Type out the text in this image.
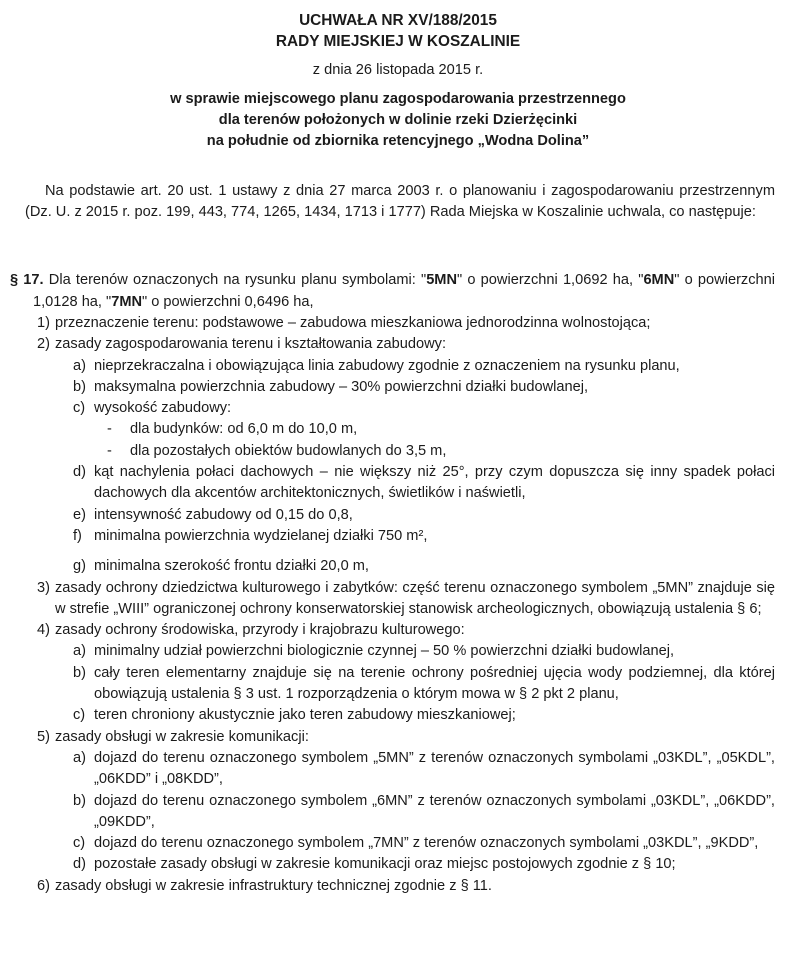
UCHWAŁA NR XV/188/2015
RADY MIEJSKIEJ W KOSZALINIE
z dnia 26 listopada 2015 r.
w sprawie miejscowego planu zagospodarowania przestrzennego
dla terenów położonych w dolinie rzeki Dzierżęcinki
na południe od zbiornika retencyjnego „Wodna Dolina”

Na podstawie art. 20 ust. 1 ustawy z dnia 27 marca 2003 r. o planowaniu i zagospodarowaniu przestrzennym (Dz. U. z 2015 r. poz. 199, 443, 774, 1265, 1434, 1713 i 1777) Rada Miejska w Koszalinie uchwala, co następuje:

§ 17. Dla terenów oznaczonych na rysunku planu symbolami: "5MN" o powierzchni 1,0692 ha, "6MN" o powierzchni 1,0128 ha, "7MN" o powierzchni 0,6496 ha,

1) przeznaczenie terenu: podstawowe – zabudowa mieszkaniowa jednorodzinna wolnostojąca;
2) zasady zagospodarowania terenu i kształtowania zabudowy:
a) nieprzekraczalna i obowiązująca linia zabudowy zgodnie z oznaczeniem na rysunku planu,
b) maksymalna powierzchnia zabudowy – 30% powierzchni działki budowlanej,
c) wysokość zabudowy:
-	dla budynków: od 6,0 m do 10,0 m,
-	dla pozostałych obiektów budowlanych do 3,5 m,
d) kąt nachylenia połaci dachowych – nie większy niż 25°, przy czym dopuszcza się inny spadek połaci dachowych dla akcentów architektonicznych, świetlików i naświetli,
e) intensywność zabudowy od 0,15 do 0,8,
f) minimalna powierzchnia wydzielanej działki 750 m²,
g) minimalna szerokość frontu działki 20,0 m,
3) zasady ochrony dziedzictwa kulturowego i zabytków: część terenu oznaczonego symbolem „5MN” znajduje się w strefie „WIII” ograniczonej ochrony konserwatorskiej stanowisk archeologicznych, obowiązują ustalenia § 6;
4) zasady ochrony środowiska, przyrody i krajobrazu kulturowego:
a) minimalny udział powierzchni biologicznie czynnej – 50 % powierzchni działki budowlanej,
b) cały teren elementarny znajduje się na terenie ochrony pośredniej ujęcia wody podziemnej, dla której obowiązują ustalenia § 3 ust. 1 rozporządzenia o którym mowa w § 2 pkt 2 planu,
c) teren chroniony akustycznie jako teren zabudowy mieszkaniowej;
5) zasady obsługi w zakresie komunikacji:
a) dojazd do terenu oznaczonego symbolem „5MN” z terenów oznaczonych symbolami „03KDL”, „05KDL”, „06KDD” i „08KDD”,
b) dojazd do terenu oznaczonego symbolem „6MN” z terenów oznaczonych symbolami „03KDL”, „06KDD”, „09KDD”,
c) dojazd do terenu oznaczonego symbolem „7MN” z terenów oznaczonych symbolami „03KDL”, „9KDD”,
d) pozostałe zasady obsługi w zakresie komunikacji oraz miejsc postojowych zgodnie z § 10;
6) zasady obsługi w zakresie infrastruktury technicznej zgodnie z § 11.
